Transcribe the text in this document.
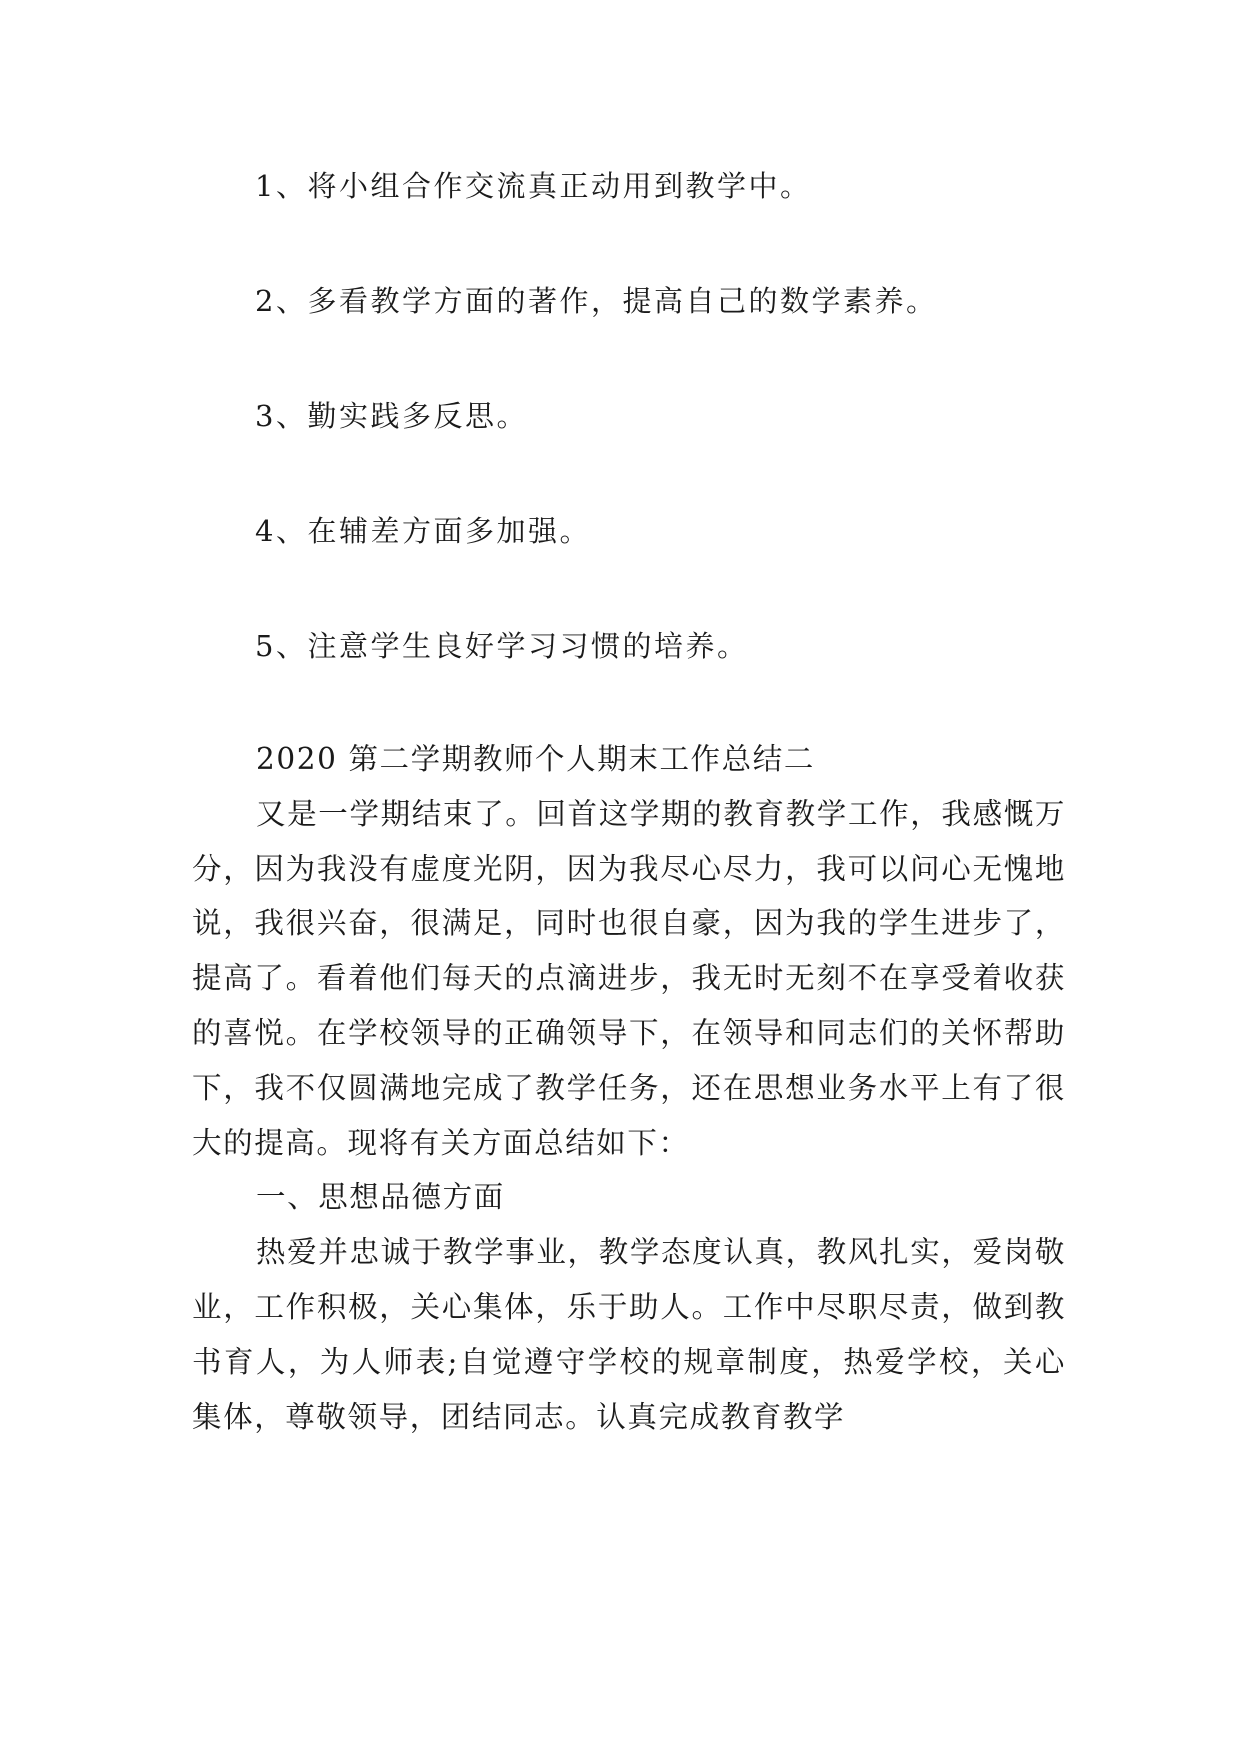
1、将小组合作交流真正动用到教学中。
2、多看教学方面的著作，提高自己的数学素养。
3、勤实践多反思。
4、在辅差方面多加强。
5、注意学生良好学习习惯的培养。

2020 第二学期教师个人期末工作总结二

又是一学期结束了。回首这学期的教育教学工作，我感慨万分，因为我没有虚度光阴，因为我尽心尽力，我可以问心无愧地说，我很兴奋，很满足，同时也很自豪，因为我的学生进步了，提高了。看着他们每天的点滴进步，我无时无刻不在享受着收获的喜悦。在学校领导的正确领导下，在领导和同志们的关怀帮助下，我不仅圆满地完成了教学任务，还在思想业务水平上有了很大的提高。现将有关方面总结如下：

一、思想品德方面

热爱并忠诚于教学事业，教学态度认真，教风扎实，爱岗敬业，工作积极，关心集体，乐于助人。工作中尽职尽责，做到教书育人，为人师表;自觉遵守学校的规章制度，热爱学校，关心集体，尊敬领导，团结同志。认真完成教育教学
